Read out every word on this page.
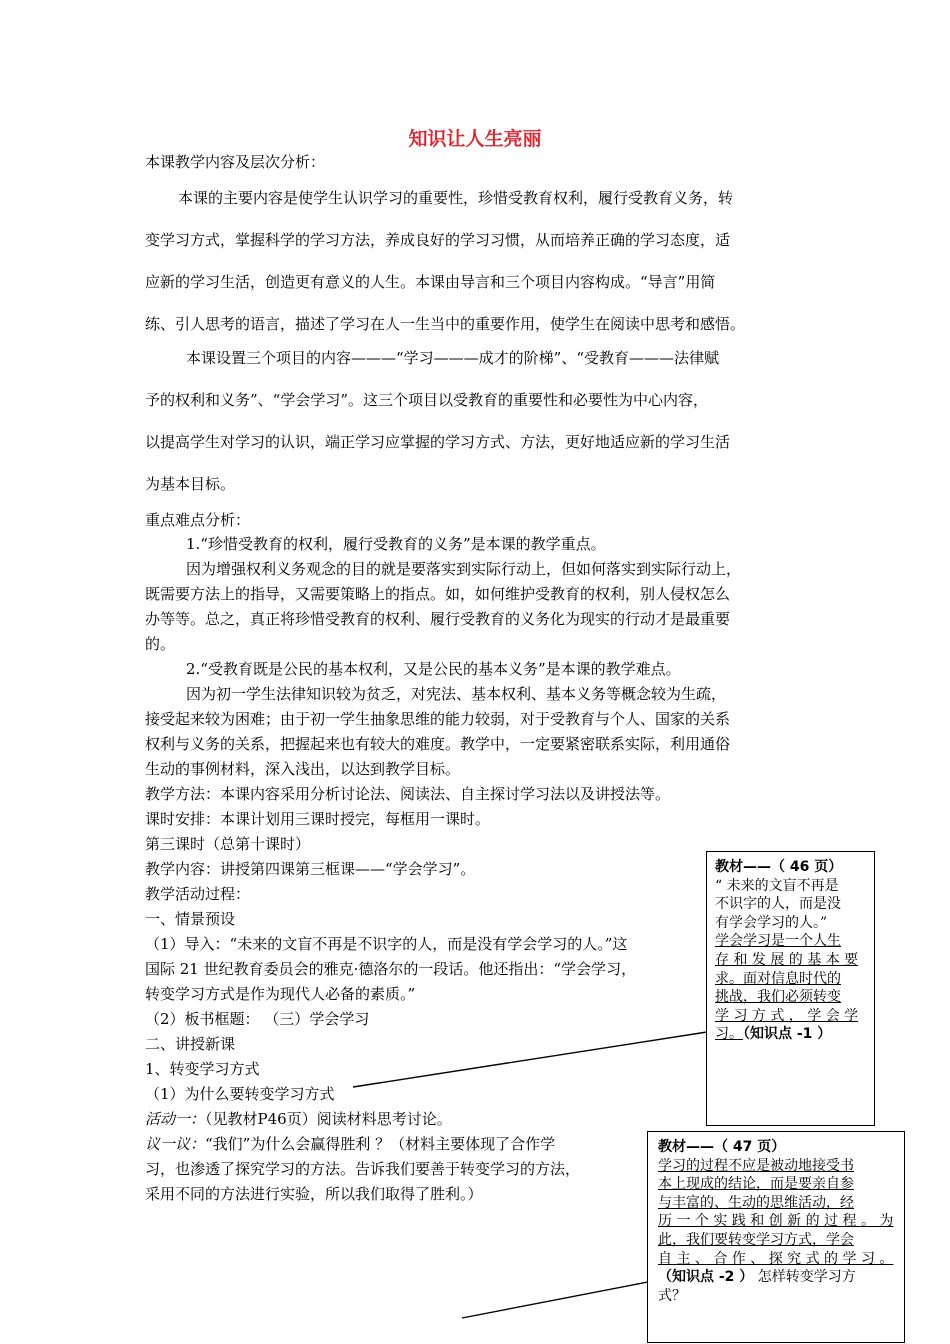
知识让人生亮丽
本课教学内容及层次分析：
本课的主要内容是使学生认识学习的重要性，珍惜受教育权利，履行受教育义务，转
变学习方式，掌握科学的学习方法，养成良好的学习习惯，从而培养正确的学习态度，适
应新的学习生活，创造更有意义的人生。本课由导言和三个项目内容构成。“导言”用简
练、引人思考的语言，描述了学习在人一生当中的重要作用，使学生在阅读中思考和感悟。
本课设置三个项目的内容———“学习———成才的阶梯”、“受教育———法律赋
予的权利和义务”、“学会学习”。这三个项目以受教育的重要性和必要性为中心内容，
以提高学生对学习的认识，端正学习应掌握的学习方式、方法，更好地适应新的学习生活
为基本目标。
重点难点分析：
1.“珍惜受教育的权利，履行受教育的义务”是本课的教学重点。
因为增强权利义务观念的目的就是要落实到实际行动上，但如何落实到实际行动上，
既需要方法上的指导，又需要策略上的指点。如，如何维护受教育的权利，别人侵权怎么
办等等。总之，真正将珍惜受教育的权利、履行受教育的义务化为现实的行动才是最重要
的。
2.“受教育既是公民的基本权利，又是公民的基本义务”是本课的教学难点。
因为初一学生法律知识较为贫乏，对宪法、基本权利、基本义务等概念较为生疏，
接受起来较为困难；由于初一学生抽象思维的能力较弱，对于受教育与个人、国家的关系
权利与义务的关系，把握起来也有较大的难度。教学中，一定要紧密联系实际，利用通俗
生动的事例材料，深入浅出，以达到教学目标。
教学方法：本课内容采用分析讨论法、阅读法、自主探讨学习法以及讲授法等。
课时安排：本课计划用三课时授完，每框用一课时。
第三课时（总第十课时）
教学内容：讲授第四课第三框课——“学会学习”。
教学活动过程：
一、情景预设
（1）导入：“未来的文盲不再是不识字的人，而是没有学会学习的人。”这
国际 21 世纪教育委员会的雅克·德洛尔的一段话。他还指出：“学会学习，
转变学习方式是作为现代人必备的素质。”
（2）板书框题： （三）学会学习
二、讲授新课
1、转变学习方式
（1）为什么要转变学习方式
活动一：（见教材P46页）阅读材料思考讨论。
议一议：“我们”为什么会赢得胜利 ？（材料主要体现了合作学
习，也渗透了探究学习的方法。告诉我们要善于转变学习的方法，
采用不同的方法进行实验，所以我们取得了胜利。）
教材——（ 46 页）
“ 未来的文盲不再是
不识字的人，而是没
有学会学习的人。”
学会学习是一个人生
存 和 发 展 的 基 本 要
求。面对信息时代的
挑战，我们必须转变
学 习 方 式 ， 学 会 学
习。（知识点 -1 ）
教材——（ 47 页）
学习的过程不应是被动地接受书
本上现成的结论，而是要亲自参
与丰富的、生动的思维活动，经
历 一 个 实 践 和 创 新 的 过 程 。 为
此，我们要转变学习方式，学会
自 主 、 合 作 、 探 究 式 的 学 习 。
（知识点 -2 ） 怎样转变学习方
式？
